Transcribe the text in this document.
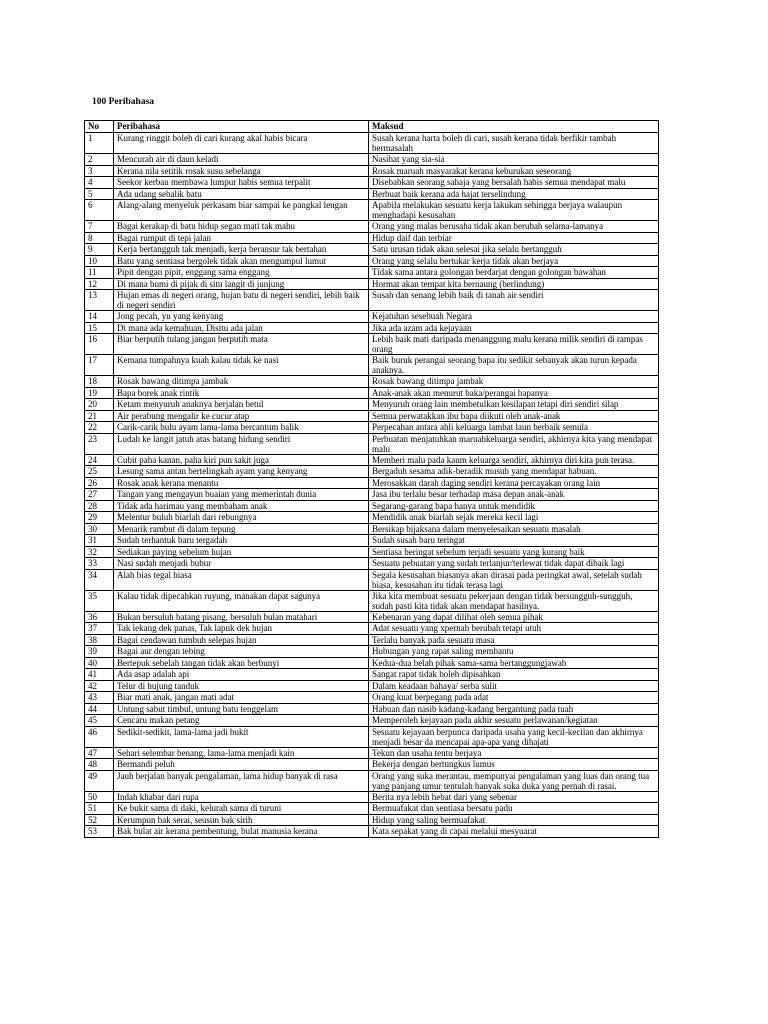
100 Peribahasa

No	Peribahasa	Maksud
1	Kurang ringgit boleh di cari kurang akal habis bicara	Susah kerana harta boleh di cari, susah kerana tidak berfikir tambah bermasalah
2	Mencurah air di daun keladi	Nasihat yang sia-sia
3	Kerana nila setitik rosak susu sebelanga	Rosak maruah masyarakat kerana keburukan seseorang
4	Seekor kerbau membawa lumpur habis semua terpalit	Disebabkan seorang sahaja yang bersalah habis semua mendapat malu
5	Ada udang sebalik batu	Berbuat baik kerana ada hajat terselindung
6	Alang-alang menyeluk perkasam biar sampai ke pangkal lengan	Apabila melakukan sesuatu kerja lakukan sehingga berjaya walaupun menghadapi kesusahan
7	Bagai kerakap di batu hidup segan mati tak mahu	Orang yang malas berusaha tidak akan berubah selama-lamanya
8	Bagai rumput di tepi jalan	Hidup daif dan terbiar
9	Kerja bertangguh tak menjadi, kerja beransur tak bertahan	Satu urusan tidak akan selesai jika selalu bertangguh
10	Batu yang sentiasa bergolek tidak akan mengumpul lumut	Orang yang selalu bertukar kerja tidak akan berjaya
11	Pipit dengan pipit, enggang sama enggang	Tidak sama antara golongan berdarjat dengan golongan bawahan
12	Di mana bumi di pijak di situ langit di junjung	Hormat akan tempat kita bernaung (berlindung)
13	Hujan emas di negeri orang, hujan batu di negeri sendiri, lebih baik di negeri sendiri	Susah dan senang lebih baik di tanah air sendiri
14	Jong pecah, yu yang kenyang	Kejatuhan sesebuah Negara
15	Di mana ada kemahuan, Disitu ada jalan	Jika ada azam ada kejayaan
16	Biar berputih tulang jangan berputih mata	Lebih baik mati daripada menanggung malu kerana milik sendiri di rampas orang
17	Kemana tumpahnya kuah kalau tidak ke nasi	Baik buruk perangai seorang bapa itu sedikit sebanyak akan turun kepada anaknya.
18	Rosak bawang ditimpa jambak	Rosak bawang ditimpa jambak
19	Bapa borek anak rintik	Anak-anak akan menurut baka/perangai bapanya
20	Ketam menyuruh anaknya berjalan betul	Menyuruh orang lain membetulkan kesilapan tetapi diri sendiri silap
21	Air perabung mengalir ke cucur atap	Semua perwatakkan ibu bapa diikuti oleh anak-anak
22	Carik-carik bulu ayam lama-lama bercantum balik	Perpecahan antara ahli keluarga lambat laun berbaik semula
23	Ludah ke langit jatuh atas batang hidung sendiri	Perbuatan menjatuhkan maruahkeluarga sendiri, akhirnya kita yang mendapat malu
24	Cubit paha kanan, paha kiri pun sakit juga	Memberi malu pada kaum keluarga sendiri, akhirnya diri kita pun terasa.
25	Lesung sama antan bertelingkah ayam yang kenyang	Bergaduh sesama adik-beradik musuh yang mendapat habuan.
26	Rosak anak kerana menantu	Merosakkan darah daging sendiri kerana percayakan orang lain
27	Tangan yang mengayun buaian yang memerintah dunia	Jasa ibu terlalu besar terhadap masa depan anak-anak
28	Tidak ada harimau yang membaham anak	Segarang-garang bapa hanya untuk mendidik
29	Melentur buluh biarlah dari rebungnya	Mendidik anak biarlah sejak mereka kecil lagi
30	Menarik rambut di dalam tepung	Bersikap bijaksana dalam menyelesaikan sesuatu masalah
31	Sudah terhantuk baru tergadah	Sudah susah baru teringat
32	Sediakan paying sebelum hujan	Sentiasa beringat sebelum terjadi sesuatu yang kurang baik
33	Nasi sudah menjadi bubur	Sesuatu pebuatan yang sudah terlanjur/terlewat tidak dapat dibaik lagi
34	Alah bias tegal biasa	Segala kesusahan biasanya akan dirasai pada peringkat awal, setelah sudah biasa, kesusahan itu tidak terasa lagi
35	Kalau tidak dipecahkan ruyung, manakan dapat sagunya	Jika kita membuat sesuatu pekerjaan dengan tidak bersungguh-sungguh, sudah pasti kita tidak akan mendapat hasilnya.
36	Bukan bersuluh batang pisang, bersuluh bulan matahari	Kebenaran yang dapat dilihat oleh semua pihak
37	Tak lekang dek panas, Tak lapuk dek hujan	Adat sesuatu yang xpernah berubah tetapi utuh
38	Bagai cendawan tumbuh selepas hujan	Terlalu banyak pada sesuatu masa
39	Bagai aur dengan tebing	Hubungan yang rapat saling membantu
40	Bertepuk sebelah tangan tidak akan berbunyi	Kedua-dua belah pihak sama-sama bertanggungjawab
41	Ada asap adalah api	Sangat rapat tidak boleh dipisahkan
42	Telur di hujung tanduk	Dalam keadaan bahaya/ serba sulit
43	Biar mati anak, jangan mati adat	Orang kuat berpegang pada adat
44	Untung sabut timbul, untung batu tenggelam	Habuan dan nasib kadang-kadang bergantung pada tuah
45	Cencaru makan petang	Memperoleh kejayaan pada akhir sesuatu perlawanan/kegiatan
46	Sedikit-sedikit, lama-lama jadi bukit	Sesuatu kejayaan berpunca daripada usaha yang kecil-kecilan dan akhirnya menjadi besar da mencapai apa-apa yang dihajati
47	Sehari selembar benang, lama-lama menjadi kain	Tekun dan usaha tentu berjaya
48	Bermandi peluh	Bekerja dengan bertungkus lumus
49	Jauh berjalan banyak pengalaman, lama hidup banyak di rasa	Orang yang suka merantau, mempunyai pengalaman yang luas dan orang tua yang panjang umur tentulah banyak suka duka yang pernah di rasai.
50	Indah khabar dari rupa	Berita nya lebih hebat dari yang sebenar
51	Ke bukit sama di daki, kelurah sama di turuni	Bermuafakat dan sentiasa bersatu padu
52	Kerumpun bak serai, seusun bak sirih	Hidup yang saling bermuafakat
53	Bak bulat air kerana pembentung, bulat manusia kerana	Kata sepakat yang di capai melalui mesyuarat
